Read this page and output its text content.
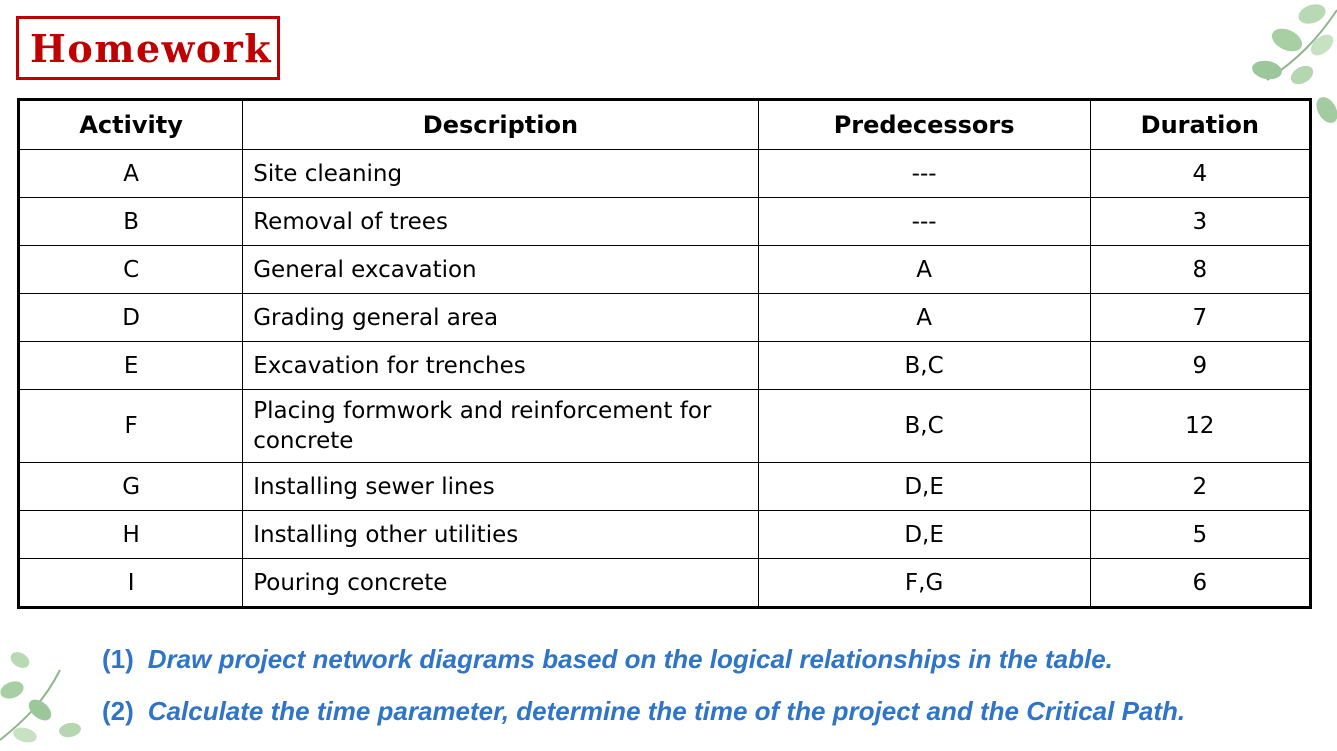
Homework
Activity	Description	Predecessors	Duration
A	Site cleaning	---	4
B	Removal of trees	---	3
C	General excavation	A	8
D	Grading general area	A	7
E	Excavation for trenches	B,C	9
F	Placing formwork and reinforcement for concrete	B,C	12
G	Installing sewer lines	D,E	2
H	Installing other utilities	D,E	5
I	Pouring concrete	F,G	6
(1) Draw project network diagrams based on the logical relationships in the table.
(2) Calculate the time parameter, determine the time of the project and the Critical Path.
